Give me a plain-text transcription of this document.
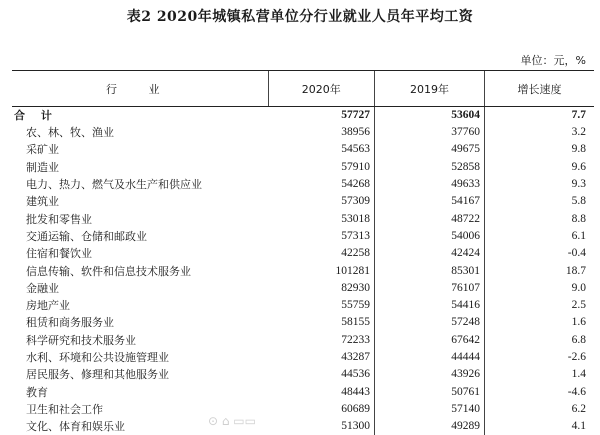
表2 2020年城镇私营单位分行业就业人员年平均工资
单位：元，%
行 业	2020年	2019年	增长速度
合 计	57727	53604	7.7
农、林、牧、渔业	38956	37760	3.2
采矿业	54563	49675	9.8
制造业	57910	52858	9.6
电力、热力、燃气及水生产和供应业	54268	49633	9.3
建筑业	57309	54167	5.8
批发和零售业	53018	48722	8.8
交通运输、仓储和邮政业	57313	54006	6.1
住宿和餐饮业	42258	42424	-0.4
信息传输、软件和信息技术服务业	101281	85301	18.7
金融业	82930	76107	9.0
房地产业	55759	54416	2.5
租赁和商务服务业	58155	57248	1.6
科学研究和技术服务业	72233	67642	6.8
水利、环境和公共设施管理业	43287	44444	-2.6
居民服务、修理和其他服务业	44536	43926	1.4
教育	48443	50761	-4.6
卫生和社会工作	60689	57140	6.2
文化、体育和娱乐业	51300	49289	4.1
⊙ ⌂ ▭▭
